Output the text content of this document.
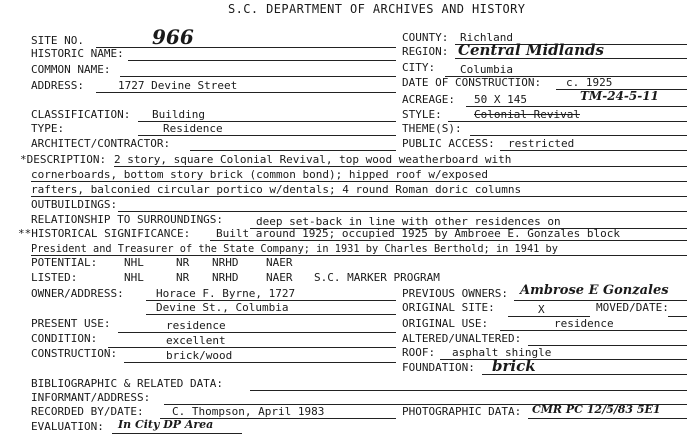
S.C. DEPARTMENT OF ARCHIVES AND HISTORY
SITE NO.	966
HISTORIC NAME:
COMMON NAME:
ADDRESS:	1727 Devine Street
CLASSIFICATION: Building
TYPE:	Residence
ARCHITECT/CONTRACTOR:
COUNTY: Richland
REGION: Central Midlands
CITY: Columbia
DATE OF CONSTRUCTION: c. 1925
ACREAGE: 50 X 145	TM-24-5-11
STYLE:	Colonial Revival
THEME(S):
PUBLIC ACCESS: restricted
*DESCRIPTION: 2 story, square Colonial Revival, top wood weatherboard with
cornerboards, bottom story brick (common bond); hipped roof w/exposed
rafters, balconied circular portico w/dentals; 4 round Roman doric columns
OUTBUILDINGS:
RELATIONSHIP TO SURROUNDINGS:	deep set-back in line with other residences on
**HISTORICAL SIGNIFICANCE: Built around 1925; occupied 1925 by Ambroee E. Gonzales block
President and Treasurer of the State Company; in 1931 by Charles Berthold; in 1941 by
POTENTIAL: NHL	NR NRHD	NAER
LISTED:	NHL	NR NRHD	NAER S.C. MARKER PROGRAM
OWNER/ADDRESS:	Horace F. Byrne, 1727
Devine St., Columbia
PREVIOUS OWNERS: Ambrose E Gonzales
ORIGINAL SITE:	X	MOVED/DATE:
PRESENT USE:	residence	ORIGINAL USE:	residence
CONDITION:	excellent	ALTERED/UNALTERED:
CONSTRUCTION:	brick/wood	ROOF: asphalt shingle
FOUNDATION: brick
BIBLIOGRAPHIC & RELATED DATA:
INFORMANT/ADDRESS:
RECORDED BY/DATE:	C. Thompson, April 1983	PHOTOGRAPHIC DATA: CMR PC 12/5/83 5E1
EVALUATION: In City DP Area
